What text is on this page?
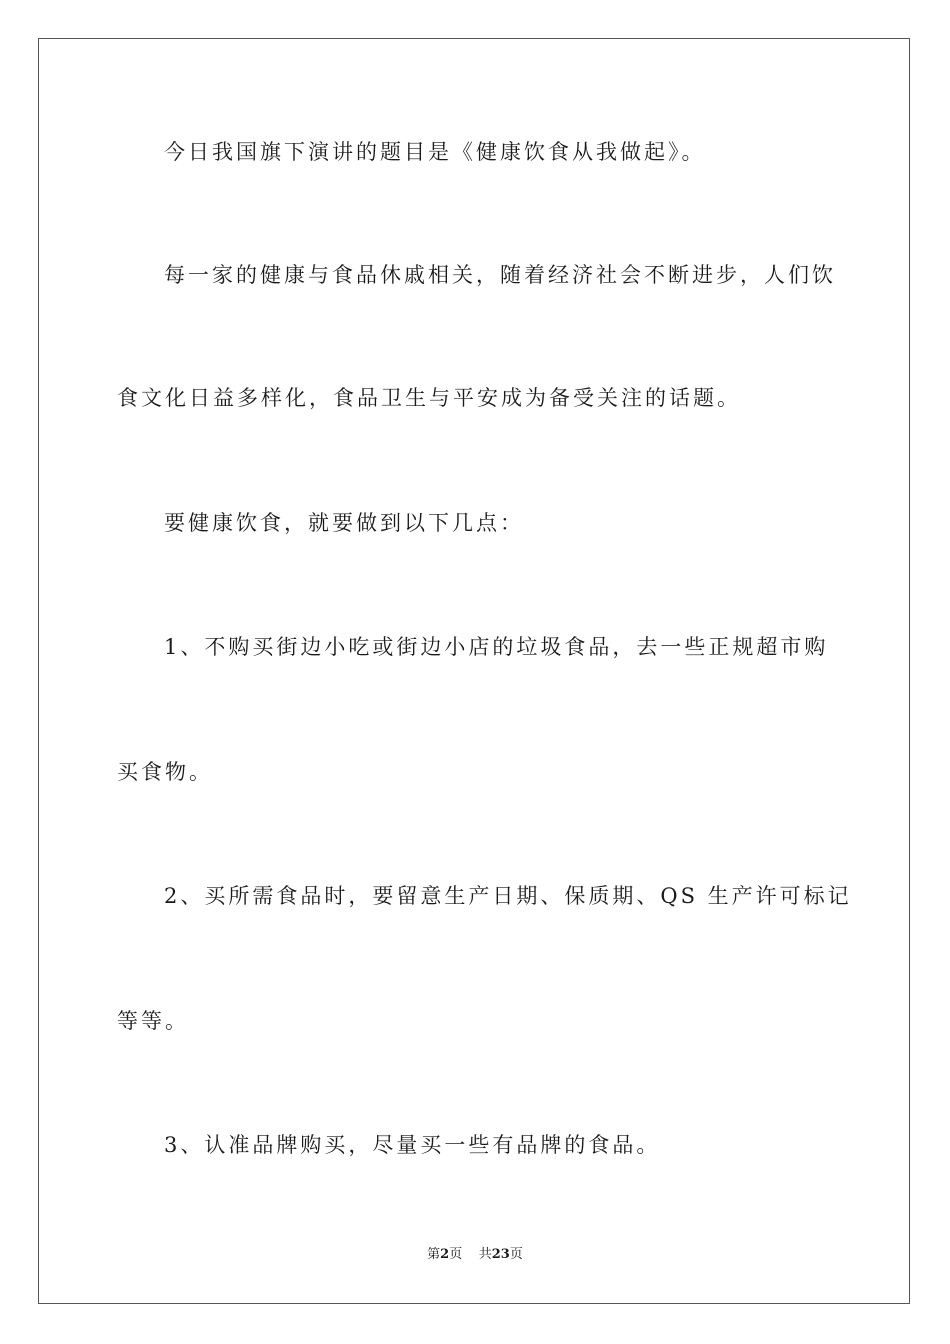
今日我国旗下演讲的题目是《健康饮食从我做起》。
每一家的健康与食品休戚相关，随着经济社会不断进步，人们饮
食文化日益多样化，食品卫生与平安成为备受关注的话题。
要健康饮食，就要做到以下几点：
1、不购买街边小吃或街边小店的垃圾食品，去一些正规超市购
买食物。
2、买所需食品时，要留意生产日期、保质期、QS 生产许可标记
等等。
3、认准品牌购买，尽量买一些有品牌的食品。
第2页 共23页
